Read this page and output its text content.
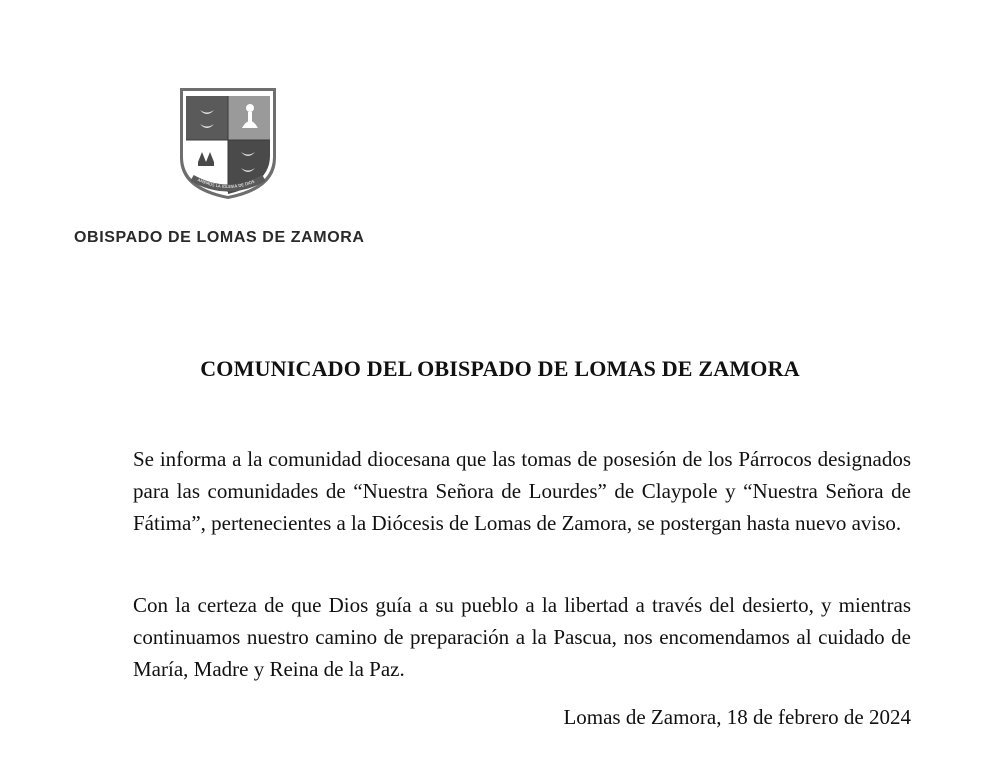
AMEMOS LA IGLESIA DE DIOS
OBISPADO DE LOMAS DE ZAMORA
COMUNICADO DEL OBISPADO DE LOMAS DE ZAMORA

Se informa a la comunidad diocesana que las tomas de posesión de los Párrocos designados para las comunidades de “Nuestra Señora de Lourdes” de Claypole y “Nuestra Señora de Fátima”, pertenecientes a la Diócesis de Lomas de Zamora, se postergan hasta nuevo aviso.

Con la certeza de que Dios guía a su pueblo a la libertad a través del desierto, y mientras continuamos nuestro camino de preparación a la Pascua, nos encomendamos al cuidado de María, Madre y Reina de la Paz.

Lomas de Zamora, 18 de febrero de 2024
